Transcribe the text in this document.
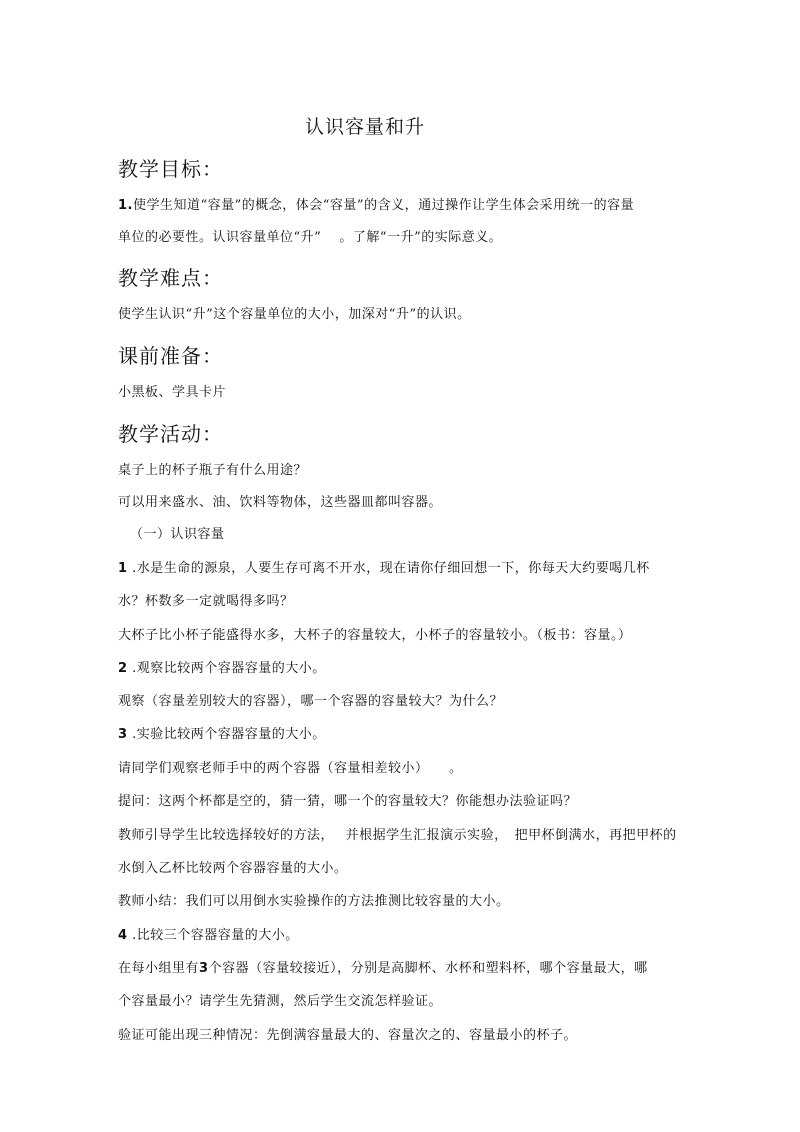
认识容量和升
教学目标：
1.使学生知道“容量”的概念，体会“容量”的含义，通过操作让学生体会采用统一的容量
单位的必要性。认识容量单位“升”　 。了解“一升”的实际意义。
教学难点：
使学生认识“升”这个容量单位的大小，加深对“升”的认识。
课前准备：
小黑板、学具卡片
教学活动：
桌子上的杯子瓶子有什么用途？
可以用来盛水、油、饮料等物体，这些器皿都叫容器。
（一）认识容量
1 .水是生命的源泉，人要生存可离不开水，现在请你仔细回想一下，你每天大约要喝几杯
水？杯数多一定就喝得多吗？
大杯子比小杯子能盛得水多，大杯子的容量较大，小杯子的容量较小。（板书：容量。）
2 .观察比较两个容器容量的大小。
观察（容量差别较大的容器），哪一个容器的容量较大？为什么？
3 .实验比较两个容器容量的大小。
请同学们观察老师手中的两个容器（容量相差较小）　　。
提问：这两个杯都是空的，猜一猜，哪一个的容量较大？你能想办法验证吗？
教师引导学生比较选择较好的方法，　 并根据学生汇报演示实验，　把甲杯倒满水，再把甲杯的
水倒入乙杯比较两个容器容量的大小。
教师小结：我们可以用倒水实验操作的方法推测比较容量的大小。
4 .比较三个容器容量的大小。
在每小组里有3个容器（容量较接近），分别是高脚杯、水杯和塑料杯，哪个容量最大，哪
个容量最小？请学生先猜测，然后学生交流怎样验证。
验证可能出现三种情况：先倒满容量最大的、容量次之的、容量最小的杯子。
